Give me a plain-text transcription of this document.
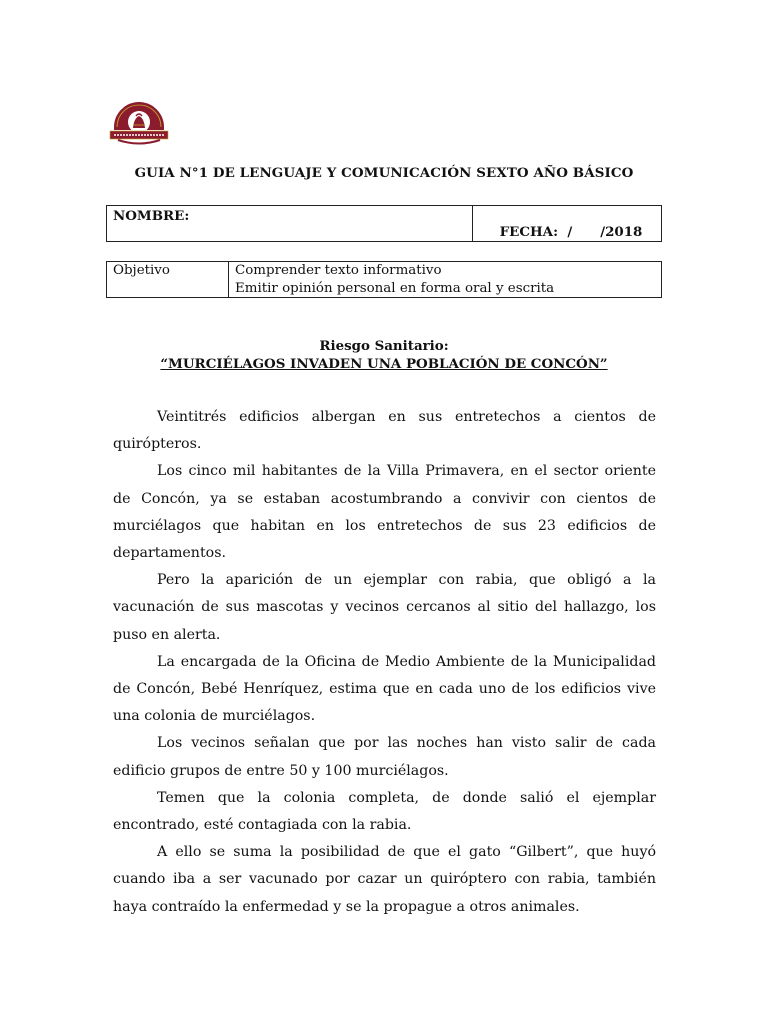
GUIA N°1 DE LENGUAJE Y COMUNICACIÓN SEXTO AÑO BÁSICO
NOMBRE:

FECHA:  /      /2018

Objetivo	Comprender texto informativo
Emitir opinión personal en forma oral y escrita
Riesgo Sanitario:
“MURCIÉLAGOS INVADEN UNA POBLACIÓN DE CONCÓN”

Veintitrés edificios albergan en sus entretechos a cientos de quirópteros.

Los cinco mil habitantes de la Villa Primavera, en el sector oriente de Concón, ya se estaban acostumbrando a convivir con cientos de murciélagos que habitan en los entretechos de sus 23 edificios de departamentos.

Pero la aparición de un ejemplar con rabia, que obligó a la vacunación de sus mascotas y vecinos cercanos al sitio del hallazgo, los puso en alerta.

La encargada de la Oficina de Medio Ambiente de la Municipalidad de Concón, Bebé Henríquez, estima que en cada uno de los edificios vive una colonia de murciélagos.

Los vecinos señalan que por las noches han visto salir de cada edificio grupos de entre 50 y 100 murciélagos.

Temen que la colonia completa, de donde salió el ejemplar encontrado, esté contagiada con la rabia.

A ello se suma la posibilidad de que el gato “Gilbert”, que huyó cuando iba a ser vacunado por cazar un quiróptero con rabia, también haya contraído la enfermedad y se la propague a otros animales.
